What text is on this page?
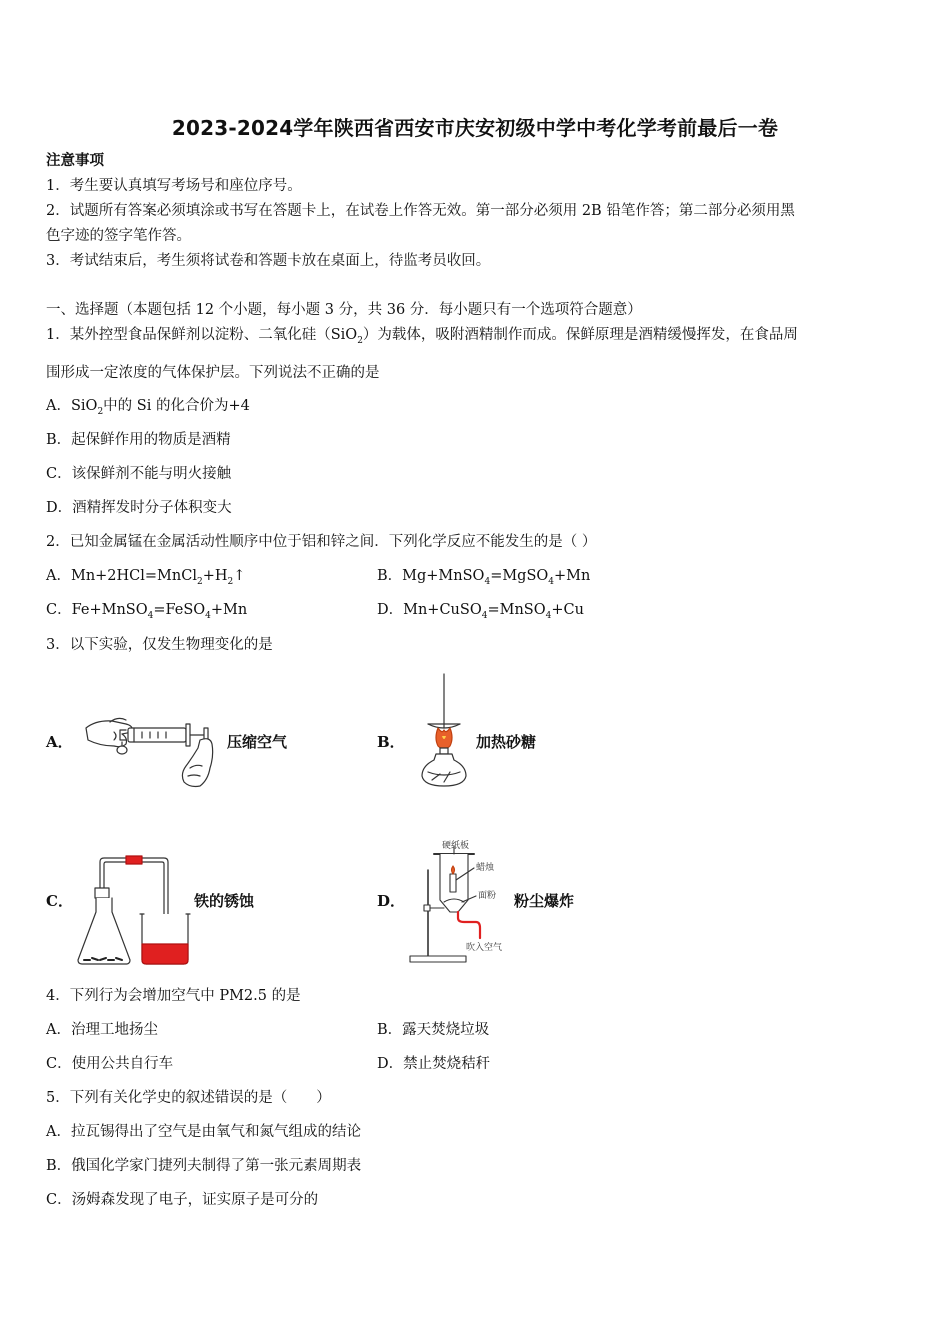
2023-2024学年陕西省西安市庆安初级中学中考化学考前最后一卷
注意事项
1．考生要认真填写考场号和座位序号。
2．试题所有答案必须填涂或书写在答题卡上，在试卷上作答无效。第一部分必须用 2B 铅笔作答；第二部分必须用黑
色字迹的签字笔作答。
3．考试结束后，考生须将试卷和答题卡放在桌面上，待监考员收回。
一、选择题（本题包括 12 个小题，每小题 3 分，共 36 分．每小题只有一个选项符合题意）
1．某外控型食品保鲜剂以淀粉、二氧化硅（SiO$_2$）为载体，吸附酒精制作而成。保鲜原理是酒精缓慢挥发，在食品周
围形成一定浓度的气体保护层。下列说法不正确的是
A．SiO$_2$中的 Si 的化合价为+4
B．起保鲜作用的物质是酒精
C．该保鲜剂不能与明火接触
D．酒精挥发时分子体积变大
2．已知金属锰在金属活动性顺序中位于铝和锌之间．下列化学反应不能发生的是（ ）
A．$Mn+2HCl=MnCl_2+H_2↑$	B．Mg+MnSO$_4$=MgSO$_4$+Mn
C．Fe+MnSO$_4$=FeSO$_4$+Mn	D．Mn+CuSO$_4$=MnSO$_4$+Cu
3．以下实验，仅发生物理变化的是
A．	压缩空气	B．	加热砂糖
C．	铁的锈蚀	D．
硬纸板
蜡烛
面粉
吹入空气
粉尘爆炸
4．下列行为会增加空气中 PM2.5 的是
A．治理工地扬尘	B．露天焚烧垃圾
C．使用公共自行车	D．禁止焚烧秸秆
5．下列有关化学史的叙述错误的是（　　）
A．拉瓦锡得出了空气是由氧气和氮气组成的结论
B．俄国化学家门捷列夫制得了第一张元素周期表
C．汤姆森发现了电子，证实原子是可分的
